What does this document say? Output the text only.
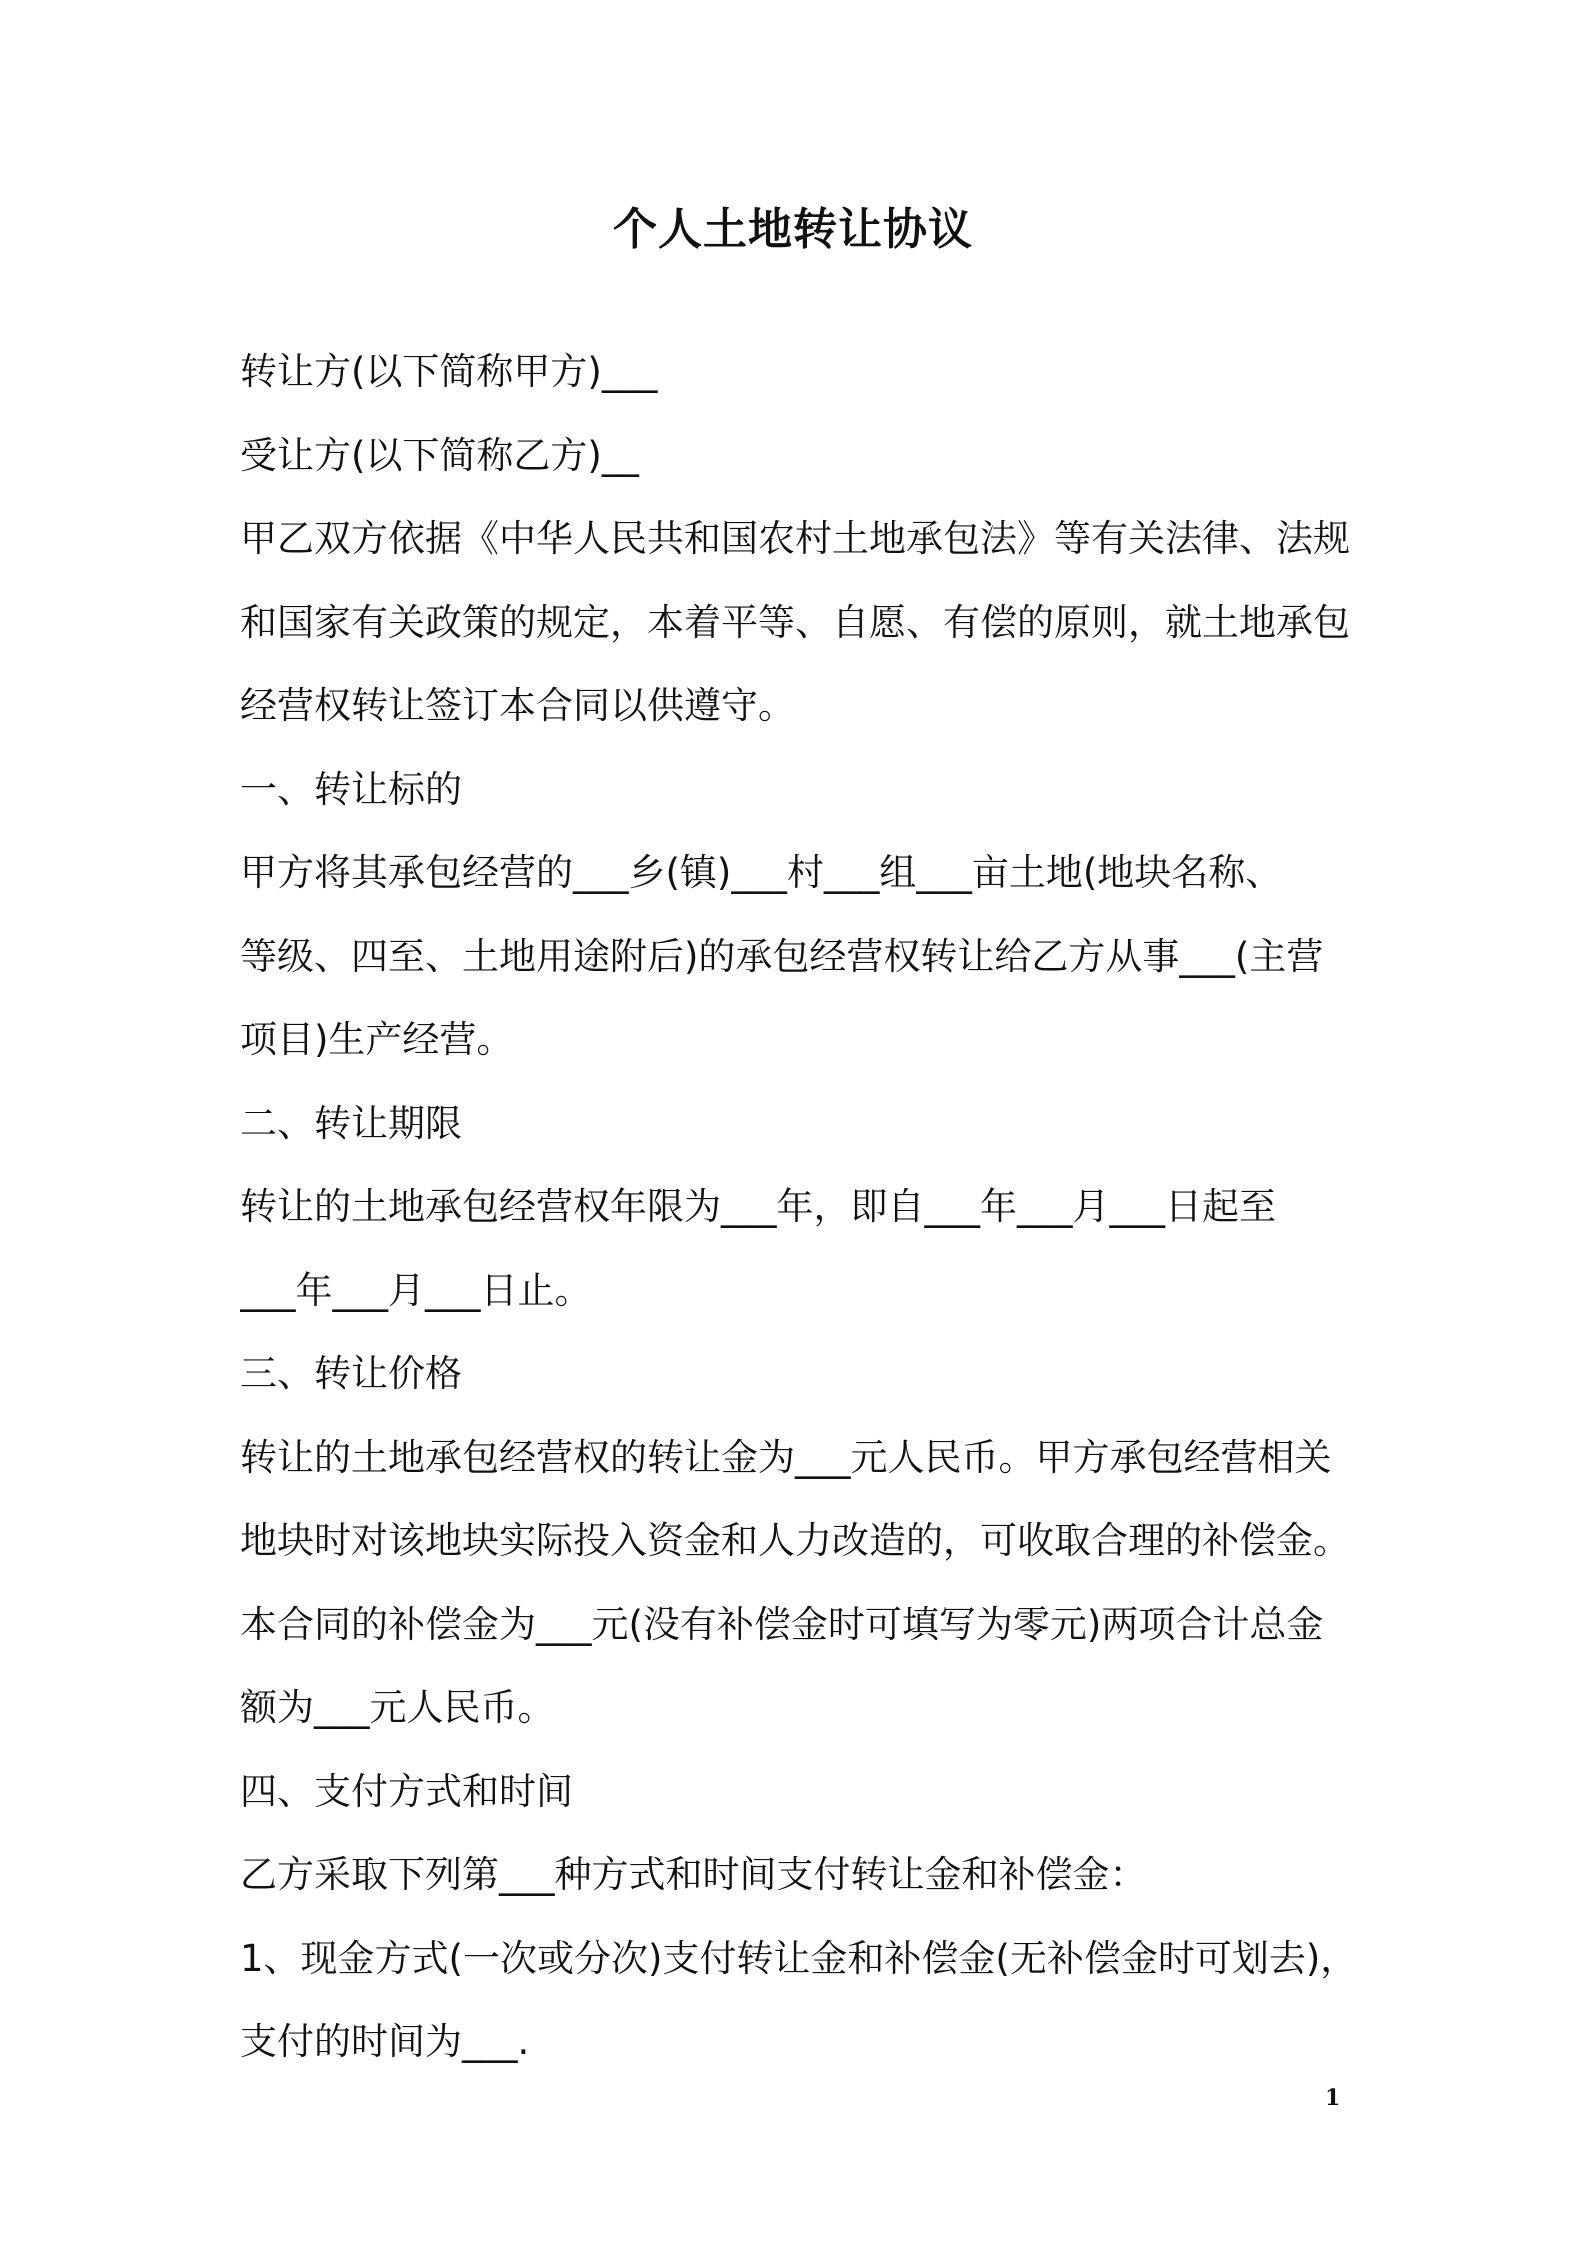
个人土地转让协议
转让方(以下简称甲方)___
受让方(以下简称乙方)__
甲乙双方依据《中华人民共和国农村土地承包法》等有关法律、法规
和国家有关政策的规定，本着平等、自愿、有偿的原则，就土地承包
经营权转让签订本合同以供遵守。
一、转让标的
甲方将其承包经营的___乡(镇)___村___组___亩土地(地块名称、
等级、四至、土地用途附后)的承包经营权转让给乙方从事___(主营
项目)生产经营。
二、转让期限
转让的土地承包经营权年限为___年，即自___年___月___日起至
___年___月___日止。
三、转让价格
转让的土地承包经营权的转让金为___元人民币。甲方承包经营相关
地块时对该地块实际投入资金和人力改造的，可收取合理的补偿金。
本合同的补偿金为___元(没有补偿金时可填写为零元)两项合计总金
额为___元人民币。
四、支付方式和时间
乙方采取下列第___种方式和时间支付转让金和补偿金：
1、现金方式(一次或分次)支付转让金和补偿金(无补偿金时可划去)，
支付的时间为___.
1
